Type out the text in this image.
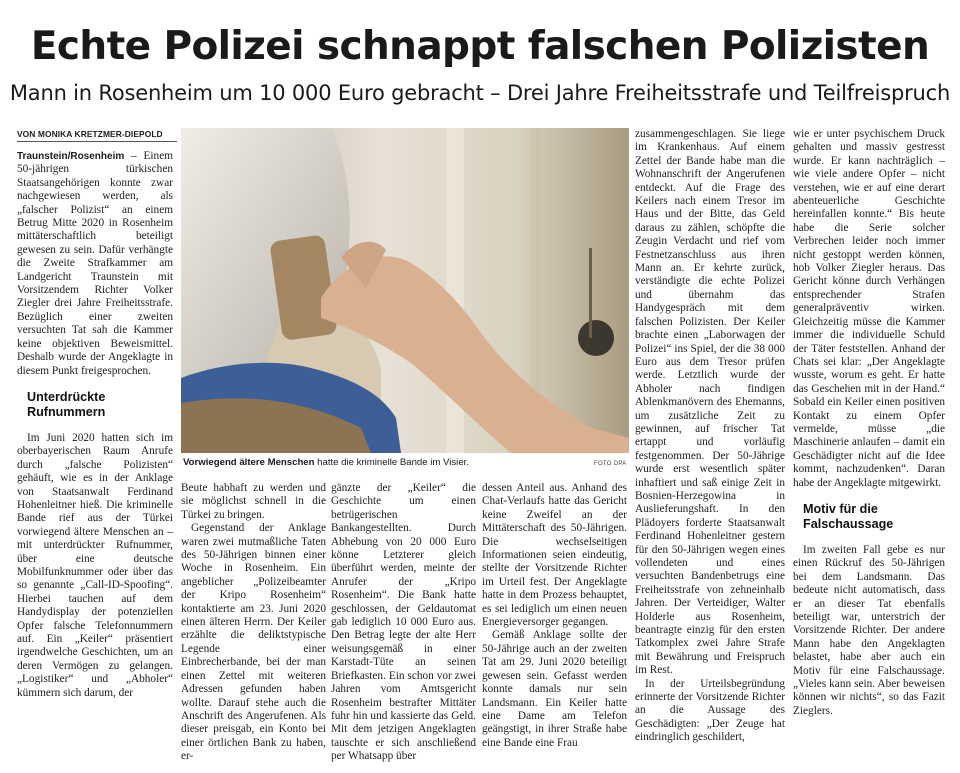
Echte Polizei schnappt falschen Polizisten
Mann in Rosenheim um 10 000 Euro gebracht – Drei Jahre Freiheitsstrafe und Teilfreispruch
VON MONIKA KRETZMER-DIEPOLD

Traunstein/Rosenheim – Einem 50-jährigen türkischen Staatsangehörigen konnte zwar nachgewiesen werden, als „falscher Polizist“ an einem Betrug Mitte 2020 in Rosenheim mittäterschaftlich beteiligt gewesen zu sein. Dafür verhängte die Zweite Strafkammer am Landgericht Traunstein mit Vorsitzendem Richter Volker Ziegler drei Jahre Freiheitsstrafe. Bezüglich einer zweiten versuchten Tat sah die Kammer keine objektiven Beweismittel. Deshalb wurde der Angeklagte in diesem Punkt freigesprochen.

Unterdrückte Rufnummern

Im Juni 2020 hatten sich im oberbayerischen Raum Anrufe durch „falsche Polizisten“ gehäuft, wie es in der Anklage von Staatsanwalt Ferdinand Hohenleitner hieß. Die kriminelle Bande rief aus der Türkei vorwiegend ältere Menschen an – mit unterdrückter Rufnummer, über eine deutsche Mobilfunknummer oder über das so genannte „Call-ID-Spoofing“. Hierbei tauchen auf dem Handydisplay der potenziellen Opfer falsche Telefonnummern auf. Ein „Keiler“ präsentiert irgendwelche Geschichten, um an deren Vermögen zu gelangen. „Logistiker“ und „Abholer“ kümmern sich darum, der

Vorwiegend ältere Menschen hatte die kriminelle Bande im Visier.	FOTO DPA

Beute habhaft zu werden und sie möglichst schnell in die Türkei zu bringen.

Gegenstand der Anklage waren zwei mutmaßliche Taten des 50-Jährigen binnen einer Woche in Rosenheim. Ein angeblicher „Polizeibeamter der Kripo Rosenheim“ kontaktierte am 23. Juni 2020 einen älteren Herrn. Der Keiler erzählte die deliktstypische Legende einer Einbrecherbande, bei der man einen Zettel mit weiteren Adressen gefunden haben wollte. Darauf stehe auch die Anschrift des Angerufenen. Als dieser preisgab, ein Konto bei einer örtlichen Bank zu haben, er-

gänzte der „Keiler“ die Geschichte um einen betrügerischen Bankangestellten. Durch Abhebung von 20 000 Euro könne Letzterer gleich überführt werden, meinte der Anrufer der „Kripo Rosenheim“. Die Bank hatte geschlossen, der Geldautomat gab lediglich 10 000 Euro aus. Den Betrag legte der alte Herr weisungsgemäß in einer Karstadt-Tüte an seinen Briefkasten. Ein schon vor zwei Jahren vom Amtsgericht Rosenheim bestrafter Mittäter fuhr hin und kassierte das Geld. Mit dem jetzigen Angeklagten tauschte er sich anschließend per Whatsapp über

dessen Anteil aus. Anhand des Chat-Verlaufs hatte das Gericht keine Zweifel an der Mittäterschaft des 50-Jährigen. Die wechselseitigen Informationen seien eindeutig, stellte der Vorsitzende Richter im Urteil fest. Der Angeklagte hatte in dem Prozess behauptet, es sei lediglich um einen neuen Energieversorger gegangen.

Gemäß Anklage sollte der 50-Jährige auch an der zweiten Tat am 29. Juni 2020 beteiligt gewesen sein. Gefasst werden konnte damals nur sein Landsmann. Ein Keiler hatte eine Dame am Telefon geängstigt, in ihrer Straße habe eine Bande eine Frau

zusammengeschlagen. Sie liege im Krankenhaus. Auf einem Zettel der Bande habe man die Wohnanschrift der Angerufenen entdeckt. Auf die Frage des Keilers nach einem Tresor im Haus und der Bitte, das Geld daraus zu zählen, schöpfte die Zeugin Verdacht und rief vom Festnetzanschluss aus ihren Mann an. Er kehrte zurück, verständigte die echte Polizei und übernahm das Handygespräch mit dem falschen Polizisten. Der Keiler brachte einen „Laborwagen der Polizei“ ins Spiel, der die 38 000 Euro aus dem Tresor prüfen werde. Letztlich wurde der Abholer nach findigen Ablenkmanövern des Ehemanns, um zusätzliche Zeit zu gewinnen, auf frischer Tat ertappt und vorläufig festgenommen. Der 50-Jährige wurde erst wesentlich später inhaftiert und saß einige Zeit in Bosnien-Herzegowina in Auslieferungshaft. In den Plädoyers forderte Staatsanwalt Ferdinand Hohenleitner gestern für den 50-Jährigen wegen eines vollendeten und eines versuchten Bandenbetrugs eine Freiheitsstrafe von zehneinhalb Jahren. Der Verteidiger, Walter Holderle aus Rosenheim, beantragte einzig für den ersten Tatkomplex zwei Jahre Strafe mit Bewährung und Freispruch im Rest.

In der Urteilsbegründung erinnerte der Vorsitzende Richter an die Aussage des Geschädigten: „Der Zeuge hat eindringlich geschildert,

wie er unter psychischem Druck gehalten und massiv gestresst wurde. Er kann nachträglich – wie viele andere Opfer – nicht verstehen, wie er auf eine derart abenteuerliche Geschichte hereinfallen konnte.“ Bis heute habe die Serie solcher Verbrechen leider noch immer nicht gestoppt werden können, hob Volker Ziegler heraus. Das Gericht könne durch Verhängen entsprechender Strafen generalpräventiv wirken. Gleichzeitig müsse die Kammer immer die individuelle Schuld der Täter feststellen. Anhand der Chats sei klar: „Der Angeklagte wusste, worum es geht. Er hatte das Geschehen mit in der Hand.“ Sobald ein Keiler einen positiven Kontakt zu einem Opfer vermelde, müsse „die Maschinerie anlaufen – damit ein Geschädigter nicht auf die Idee kommt, nachzudenken“. Daran habe der Angeklagte mitgewirkt.

Motiv für die Falschaussage

Im zweiten Fall gebe es nur einen Rückruf des 50-Jährigen bei dem Landsmann. Das bedeute nicht automatisch, dass er an dieser Tat ebenfalls beteiligt war, unterstrich der Vorsitzende Richter. Der andere Mann habe den Angeklagten belastet, habe aber auch ein Motiv für eine Falschaussage. „Vieles kann sein. Aber beweisen können wir nichts“, so das Fazit Zieglers.
